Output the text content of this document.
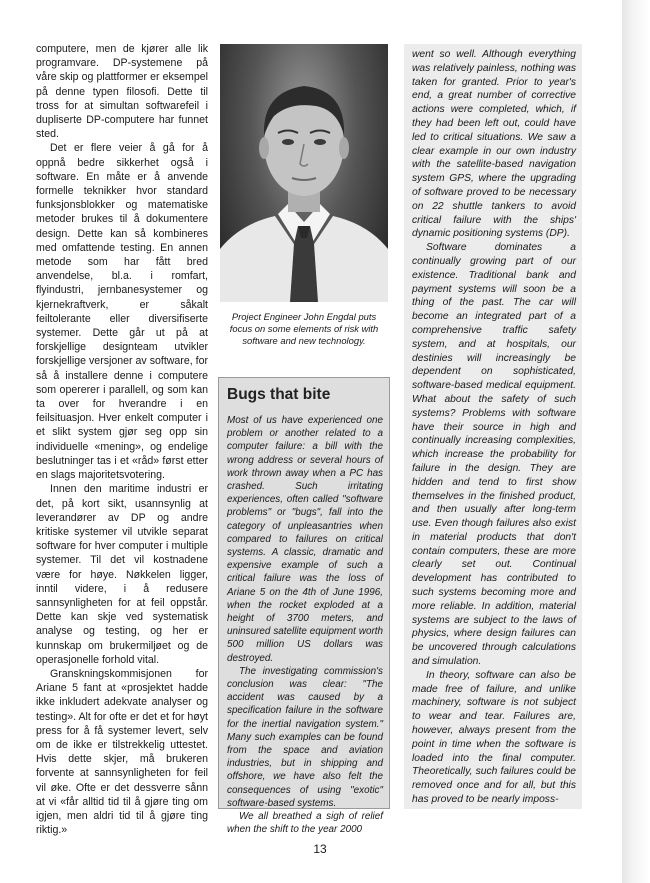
computere, men de kjører alle lik programvare. DP-systemene på våre skip og plattformer er eksempel på denne typen filosofi. Dette til tross for at simultan softwarefeil i dupliserte DP-computere har funnet sted.

Det er flere veier å gå for å oppnå bedre sikkerhet også i software. En måte er å anvende formelle teknikker hvor standard funksjonsblokker og matematiske metoder brukes til å dokumentere design. Dette kan så kombineres med omfattende testing. En annen metode som har fått bred anvendelse, bl.a. i romfart, flyindustri, jernbanesystemer og kjernekraftverk, er såkalt feiltolerante eller diversifiserte systemer. Dette går ut på at forskjellige designteam utvikler forskjellige versjoner av software, for så å installere denne i computere som opererer i parallell, og som kan ta over for hverandre i en feilsituasjon. Hver enkelt computer i et slikt system gjør seg opp sin individuelle «mening», og endelige beslutninger tas i et «råd» først etter en slags majoritetsvotering.

Innen den maritime industri er det, på kort sikt, usannsynlig at leverandører av DP og andre kritiske systemer vil utvikle separat software for hver computer i multiple systemer. Til det vil kostnadene være for høye. Nøkkelen ligger, inntil videre, i å redusere sannsynligheten for at feil oppstår. Dette kan skje ved systematisk analyse og testing, og her er kunnskap om brukermiljøet og de operasjonelle forhold vital.

Granskningskommisjonen for Ariane 5 fant at «prosjektet hadde ikke inkludert adekvate analyser og testing». Alt for ofte er det et for høyt press for å få systemer levert, selv om de ikke er tilstrekkelig uttestet. Hvis dette skjer, må brukeren forvente at sannsynligheten for feil vil øke. Ofte er det dessverre sånn at vi «får alltid tid til å gjøre ting om igjen, men aldri tid til å gjøre ting riktig.»

Project Engineer John Engdal puts focus on some elements of risk with software and new technology.
Bugs that bite

Most of us have experienced one problem or another related to a computer failure: a bill with the wrong address or several hours of work thrown away when a PC has crashed. Such irritating experiences, often called "software problems" or "bugs", fall into the category of unpleasantries when compared to failures on critical systems. A classic, dramatic and expensive example of such a critical failure was the loss of Ariane 5 on the 4th of June 1996, when the rocket exploded at a height of 3700 meters, and uninsured satellite equipment worth 500 million US dollars was destroyed.

The investigating commission's conclusion was clear: "The accident was caused by a specification failure in the software for the inertial navigation system." Many such examples can be found from the space and aviation industries, but in shipping and offshore, we have also felt the consequences of using "exotic" software-based systems.

We all breathed a sigh of relief when the shift to the year 2000

went so well. Although everything was relatively painless, nothing was taken for granted. Prior to year's end, a great number of corrective actions were completed, which, if they had been left out, could have led to critical situations. We saw a clear example in our own industry with the satellite-based navigation system GPS, where the upgrading of software proved to be necessary on 22 shuttle tankers to avoid critical failure with the ships' dynamic positioning systems (DP).

Software dominates a continually growing part of our existence. Traditional bank and payment systems will soon be a thing of the past. The car will become an integrated part of a comprehensive traffic safety system, and at hospitals, our destinies will increasingly be dependent on sophisticated, software-based medical equipment. What about the safety of such systems? Problems with software have their source in high and continually increasing complexities, which increase the probability for failure in the design. They are hidden and tend to first show themselves in the finished product, and then usually after long-term use. Even though failures also exist in material products that don't contain computers, these are more clearly set out. Continual development has contributed to such systems becoming more and more reliable. In addition, material systems are subject to the laws of physics, where design failures can be uncovered through calculations and simulation.

In theory, software can also be made free of failure, and unlike machinery, software is not subject to wear and tear. Failures are, however, always present from the point in time when the software is loaded into the final computer. Theoretically, such failures could be removed once and for all, but this has proved to be nearly imposs-

13
